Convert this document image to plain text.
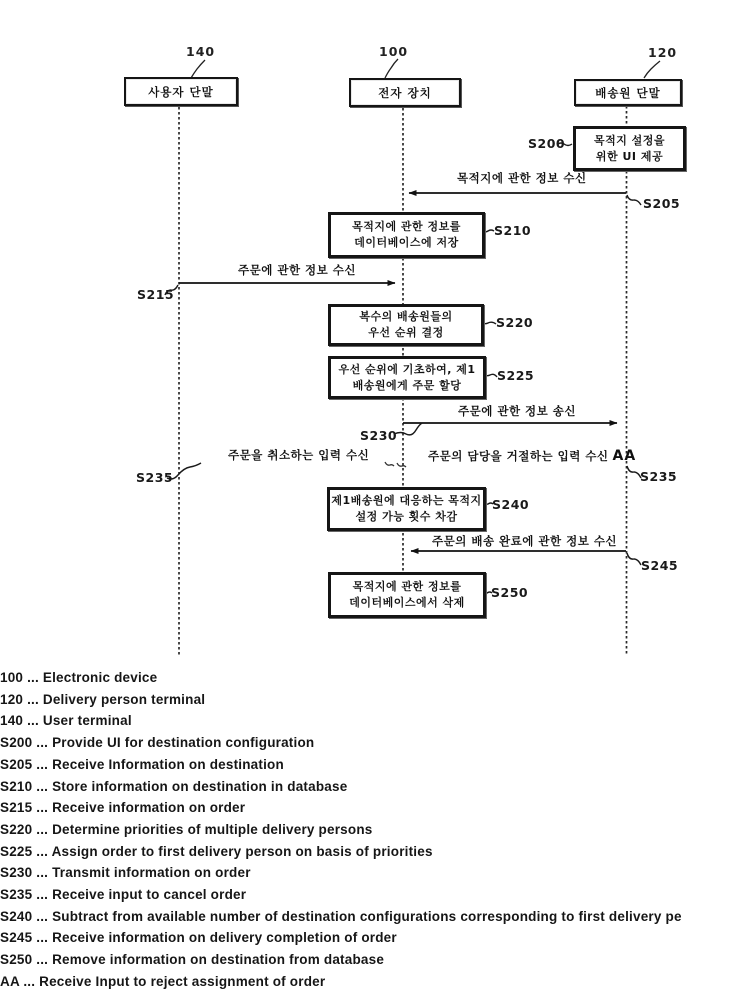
140	100	120
사용자 단말	전자 장치	배송원 단말
목적지 설정을
위한 UI 제공
목적지에 관한 정보를
데이터베이스에 저장
복수의 배송원들의
우선 순위 결정
우선 순위에 기초하여, 제1
배송원에게 주문 할당
제1배송원에 대응하는 목적지
설정 가능 횟수 차감
목적지에 관한 정보를
데이터베이스에서 삭제
S200
S205
S210
S215
S220
S225
S230
S235	S235
S240
S245
S250
목적지에 관한 정보 수신
주문에 관한 정보 수신
주문에 관한 정보 송신
주문의 배송 완료에 관한 정보 수신
주문을 취소하는 입력 수신	주문의 담당을 거절하는 입력 수신 AA
100 ... Electronic device
120 ... Delivery person terminal
140 ... User terminal
S200 ... Provide UI for destination configuration
S205 ... Receive Information on destination
S210 ... Store information on destination in database
S215 ... Receive information on order
S220 ... Determine priorities of multiple delivery persons
S225 ... Assign order to first delivery person on basis of priorities
S230 ... Transmit information on order
S235 ... Receive input to cancel order
S240 ... Subtract from available number of destination configurations corresponding to first delivery pe
S245 ... Receive information on delivery completion of order
S250 ... Remove information on destination from database
AA ... Receive Input to reject assignment of order
